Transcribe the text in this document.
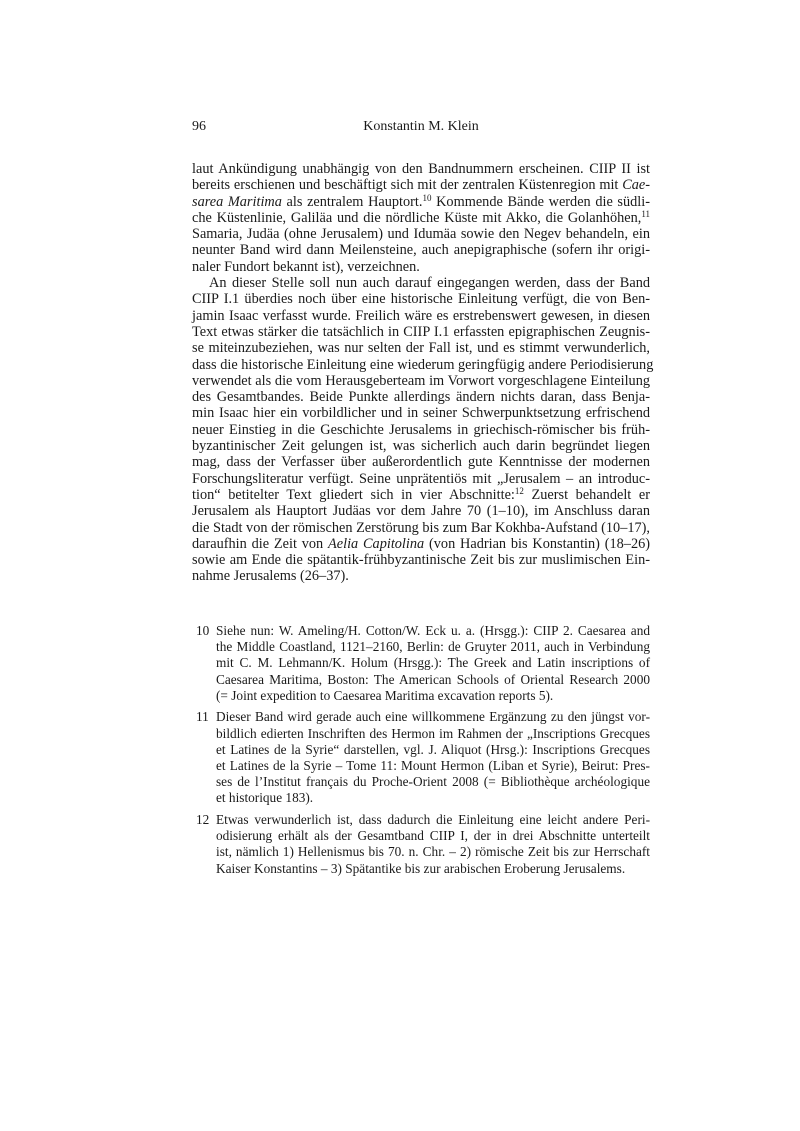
96	Konstantin M. Klein
laut Ankündigung unabhängig von den Bandnummern erscheinen. CIIP II ist
bereits erschienen und beschäftigt sich mit der zentralen Küstenregion mit Cae-
sarea Maritima als zentralem Hauptort.$^{10}$ Kommende Bände werden die südli-
che Küstenlinie, Galiläa und die nördliche Küste mit Akko, die Golanhöhen,$^{11}$
Samaria, Judäa (ohne Jerusalem) und Idumäa sowie den Negev behandeln, ein
neunter Band wird dann Meilensteine, auch anepigraphische (sofern ihr origi-
naler Fundort bekannt ist), verzeichnen.
An dieser Stelle soll nun auch darauf eingegangen werden, dass der Band
CIIP I.1 überdies noch über eine historische Einleitung verfügt, die von Ben-
jamin Isaac verfasst wurde. Freilich wäre es erstrebenswert gewesen, in diesen
Text etwas stärker die tatsächlich in CIIP I.1 erfassten epigraphischen Zeugnis-
se miteinzubeziehen, was nur selten der Fall ist, und es stimmt verwunderlich,
dass die historische Einleitung eine wiederum geringfügig andere Periodisierung
verwendet als die vom Herausgeberteam im Vorwort vorgeschlagene Einteilung
des Gesamtbandes. Beide Punkte allerdings ändern nichts daran, dass Benja-
min Isaac hier ein vorbildlicher und in seiner Schwerpunktsetzung erfrischend
neuer Einstieg in die Geschichte Jerusalems in griechisch-römischer bis früh-
byzantinischer Zeit gelungen ist, was sicherlich auch darin begründet liegen
mag, dass der Verfasser über außerordentlich gute Kenntnisse der modernen
Forschungsliteratur verfügt. Seine unprätentiös mit „Jerusalem – an introduc-
tion“ betitelter Text gliedert sich in vier Abschnitte:$^{12}$ Zuerst behandelt er
Jerusalem als Hauptort Judäas vor dem Jahre 70 (1–10), im Anschluss daran
die Stadt von der römischen Zerstörung bis zum Bar Kokhba-Aufstand (10–17),
daraufhin die Zeit von Aelia Capitolina (von Hadrian bis Konstantin) (18–26)
sowie am Ende die spätantik-frühbyzantinische Zeit bis zur muslimischen Ein-
nahme Jerusalems (26–37).
10 Siehe nun: W. Ameling/H. Cotton/W. Eck u. a. (Hrsgg.): CIIP 2. Caesarea and
the Middle Coastland, 1121–2160, Berlin: de Gruyter 2011, auch in Verbindung
mit C. M. Lehmann/K. Holum (Hrsgg.): The Greek and Latin inscriptions of
Caesarea Maritima, Boston: The American Schools of Oriental Research 2000
(= Joint expedition to Caesarea Maritima excavation reports 5).
11 Dieser Band wird gerade auch eine willkommene Ergänzung zu den jüngst vor-
bildlich edierten Inschriften des Hermon im Rahmen der „Inscriptions Grecques
et Latines de la Syrie“ darstellen, vgl. J. Aliquot (Hrsg.): Inscriptions Grecques
et Latines de la Syrie – Tome 11: Mount Hermon (Liban et Syrie), Beirut: Pres-
ses de l’Institut français du Proche-Orient 2008 (= Bibliothèque archéologique
et historique 183).
12 Etwas verwunderlich ist, dass dadurch die Einleitung eine leicht andere Peri-
odisierung erhält als der Gesamtband CIIP I, der in drei Abschnitte unterteilt
ist, nämlich 1) Hellenismus bis 70. n. Chr. – 2) römische Zeit bis zur Herrschaft
Kaiser Konstantins – 3) Spätantike bis zur arabischen Eroberung Jerusalems.
